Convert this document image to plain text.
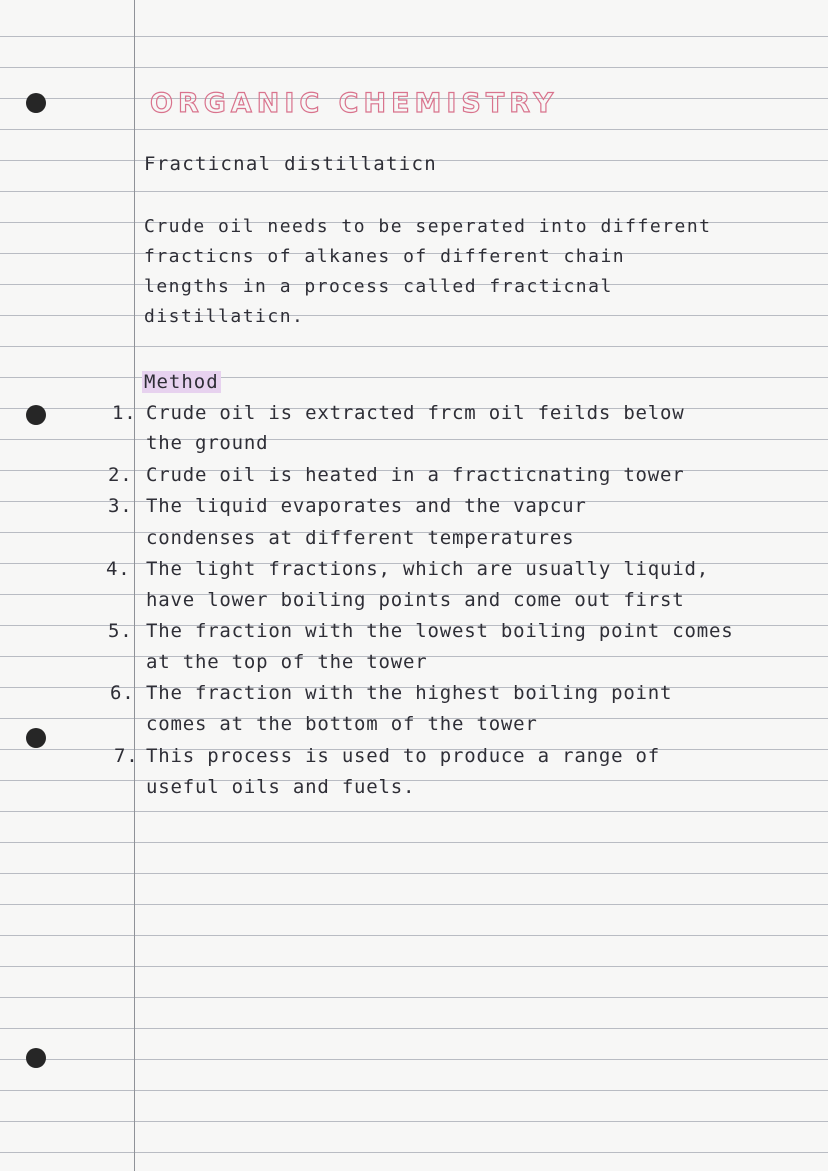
ORGANIC CHEMISTRY
Fracticnal distillaticn
Crude oil needs to be seperated into different
fracticns of alkanes of different chain
lengths in a process called fracticnal
distillaticn.
Method
1. Crude oil is extracted frcm oil feilds below
the ground
2. Crude oil is heated in a fracticnating tower
3. The liquid evaporates and the vapcur
condenses at different temperatures
4. The light fractions, which are usually liquid,
have lower boiling points and come out first
5. The fraction with the lowest boiling point comes
at the top of the tower
6. The fraction with the highest boiling point
comes at the bottom of the tower
7. This process is used to produce a range of
useful oils and fuels.
